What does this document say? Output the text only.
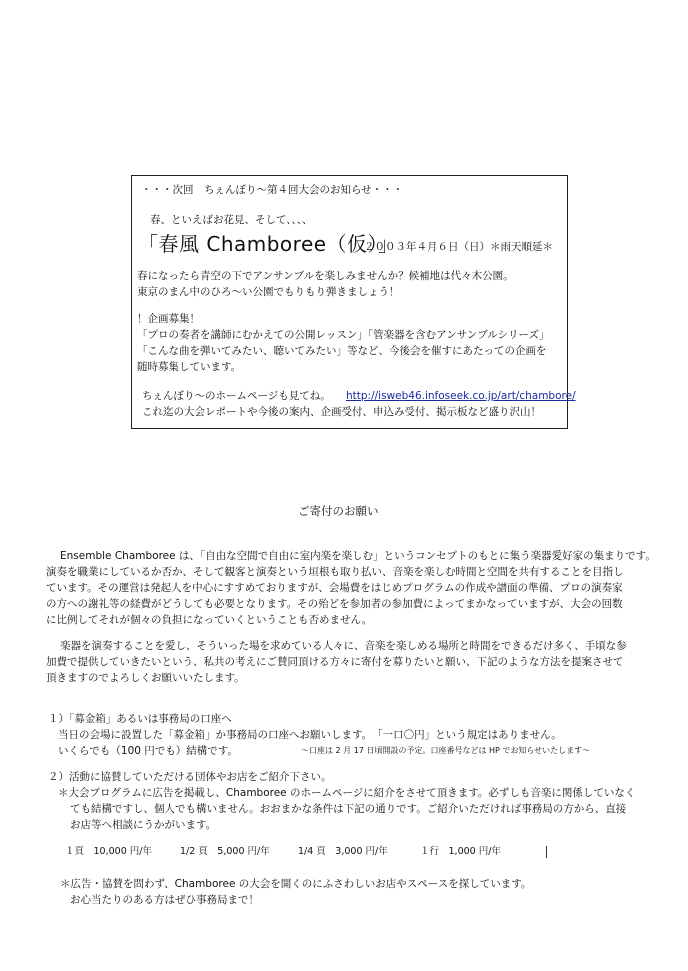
・・・次回　ちぇんぼり〜第４回大会のお知らせ・・・
春、といえばお花見、そして、、、、
「春風 Chamboree（仮）」
２００３年４月６日（日）＊雨天順延＊
春になったら青空の下でアンサンブルを楽しみませんか？候補地は代々木公園。
東京のまん中のひろ〜い公園でもりもり弾きましょう！
！企画募集！
「プロの奏者を講師にむかえての公開レッスン」「管楽器を含むアンサンブルシリーズ」
「こんな曲を弾いてみたい、聴いてみたい」等など、今後会を催すにあたっての企画を
随時募集しています。
ちぇんぼり〜のホームページも見てね。 http://isweb46.infoseek.co.jp/art/chambore/
これ迄の大会レポートや今後の案内、企画受付、申込み受付、掲示板など盛り沢山！
ご寄付のお願い
Ensemble Chamboree は、「自由な空間で自由に室内楽を楽しむ」というコンセプトのもとに集う楽器愛好家の集まりです。
演奏を職業にしているか否か、そして観客と演奏という垣根も取り払い、音楽を楽しむ時間と空間を共有することを目指し
ています。その運営は発起人を中心にすすめておりますが、会場費をはじめプログラムの作成や譜面の準備、プロの演奏家
の方への謝礼等の経費がどうしても必要となります。その殆どを参加者の参加費によってまかなっていますが、大会の回数
に比例してそれが個々の負担になっていくということも否めません。
楽器を演奏することを愛し、そういった場を求めている人々に、音楽を楽しめる場所と時間をできるだけ多く、手頃な参
加費で提供していきたいという、私共の考えにご賛同頂ける方々に寄付を募りたいと願い、下記のような方法を提案させて
頂きますのでよろしくお願いいたします。
１）「募金箱」あるいは事務局の口座へ
当日の会場に設置した「募金箱」か事務局の口座へお願いします。　「一口〇円」という規定はありません。
いくらでも（100 円でも）結構です。	〜口座は 2 月 17 日頃開設の予定。口座番号などは HP でお知らせいたします〜
２）活動に協賛していただける団体やお店をご紹介下さい。
＊大会プログラムに広告を掲載し、Chamboree のホームページに紹介をさせて頂きます。必ずしも音楽に関係していなく
ても結構ですし、個人でも構いません。おおまかな条件は下記の通りです。ご紹介いただければ事務局の方から、直接
お店等へ相談にうかがいます。
１頁　10,000 円/年	1/2 頁　5,000 円/年	1/4 頁　3,000 円/年	１行　1,000 円/年
＊広告・協賛を問わず、Chamboree の大会を開くのにふさわしいお店やスペースを探しています。
お心当たりのある方はぜひ事務局まで！
